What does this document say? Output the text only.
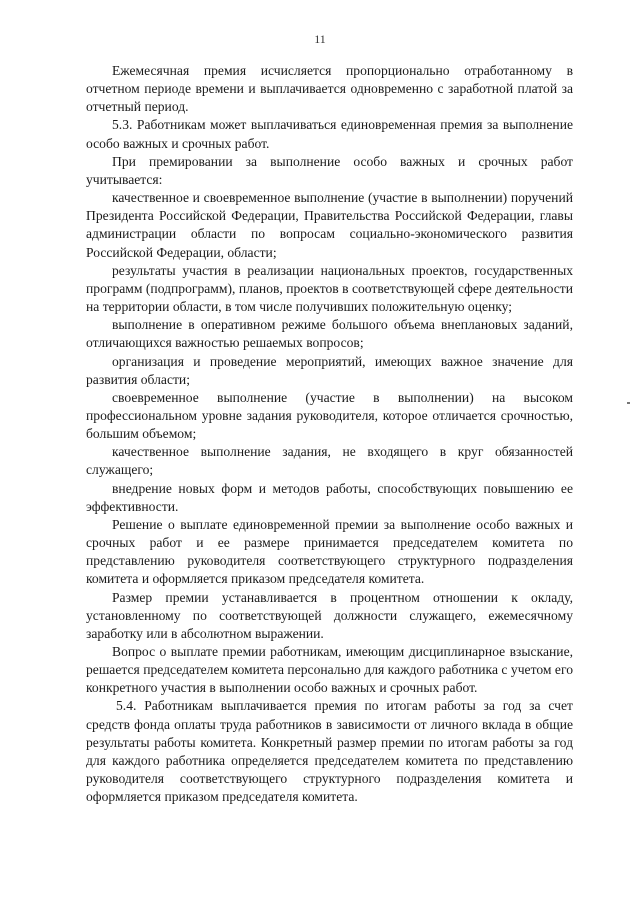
11

Ежемесячная премия исчисляется пропорционально отработанному в отчетном периоде времени и выплачивается одновременно с заработной платой за отчетный период.

5.3. Работникам может выплачиваться единовременная премия за выполнение особо важных и срочных работ.

При премировании за выполнение особо важных и срочных работ учитывается:

качественное и своевременное выполнение (участие в выполнении) поручений Президента Российской Федерации, Правительства Российской Федерации, главы администрации области по вопросам социально-экономического развития Российской Федерации, области;

результаты участия в реализации национальных проектов, государственных программ (подпрограмм), планов, проектов в соответствующей сфере деятельности на территории области, в том числе получивших положительную оценку;

выполнение в оперативном режиме большого объема внеплановых заданий, отличающихся важностью решаемых вопросов;

организация и проведение мероприятий, имеющих важное значение для развития области;

своевременное выполнение (участие в выполнении) на высоком профессиональном уровне задания руководителя, которое отличается срочностью, большим объемом;

качественное выполнение задания, не входящего в круг обязанностей служащего;

внедрение новых форм и методов работы, способствующих повышению ее эффективности.

Решение о выплате единовременной премии за выполнение особо важных и срочных работ и ее размере принимается председателем комитета по представлению руководителя соответствующего структурного подразделения комитета и оформляется приказом председателя комитета.

Размер премии устанавливается в процентном отношении к окладу, установленному по соответствующей должности служащего, ежемесячному заработку или в абсолютном выражении.

Вопрос о выплате премии работникам, имеющим дисциплинарное взыскание, решается председателем комитета персонально для каждого работника с учетом его конкретного участия в выполнении особо важных и срочных работ.

5.4. Работникам выплачивается премия по итогам работы за год за счет средств фонда оплаты труда работников в зависимости от личного вклада в общие результаты работы комитета. Конкретный размер премии по итогам работы за год для каждого работника определяется председателем комитета по представлению руководителя соответствующего структурного подразделения комитета и оформляется приказом председателя комитета.
